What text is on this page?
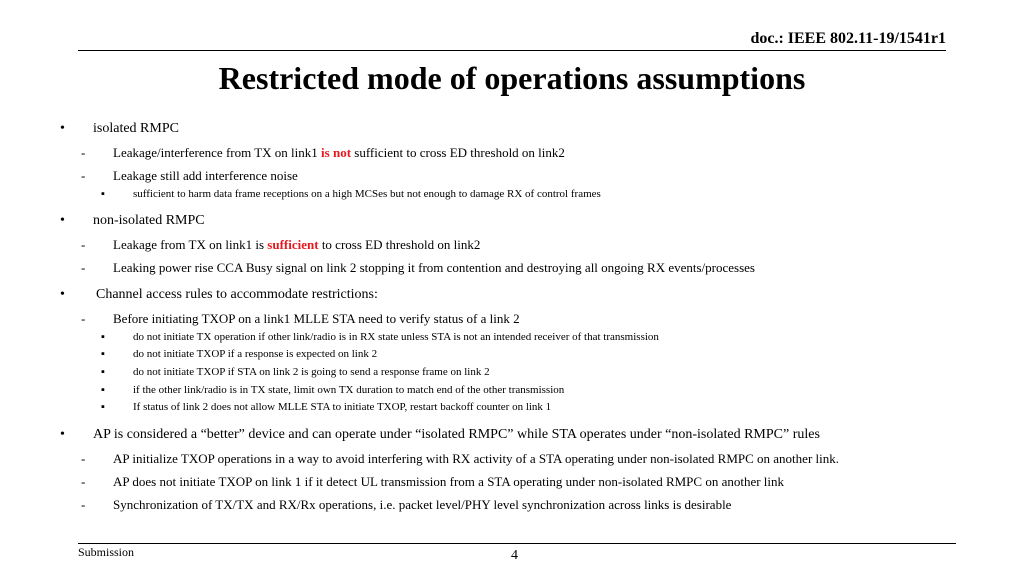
doc.: IEEE 802.11-19/1541r1
Restricted mode of operations assumptions
• isolated RMPC
- Leakage/interference from TX on link1 is not sufficient to cross ED threshold on link2
- Leakage still add interference noise
▪	sufficient to harm data frame receptions on a high MCSes but not enough to damage RX of control frames
• non-isolated RMPC
- Leakage from TX on link1 is sufficient to cross ED threshold on link2
- Leaking power rise CCA Busy signal on link 2 stopping it from contention and destroying all ongoing RX events/processes
• Channel access rules to accommodate restrictions:
- Before initiating TXOP on a link1 MLLE STA need to verify status of a link 2
▪	do not initiate TX operation if other link/radio is in RX state unless STA is not an intended receiver of that transmission
▪	do not initiate TXOP if a response is expected on link 2
▪	do not initiate TXOP if STA on link 2 is going to send a response frame on link 2
▪	if the other link/radio is in TX state, limit own TX duration to match end of the other transmission
▪	If status of link 2 does not allow MLLE STA to initiate TXOP, restart backoff counter on link 1
• AP is considered a “better” device and can operate under “isolated RMPC” while STA operates under “non-isolated RMPC” rules
- AP initialize TXOP operations in a way to avoid interfering with RX activity of a STA operating under non-isolated RMPC on another link.
- AP does not initiate TXOP on link 1 if it detect UL transmission from a STA operating under non-isolated RMPC on another link
- Synchronization of TX/TX and RX/Rx operations, i.e. packet level/PHY level synchronization across links is desirable
Submission	4
